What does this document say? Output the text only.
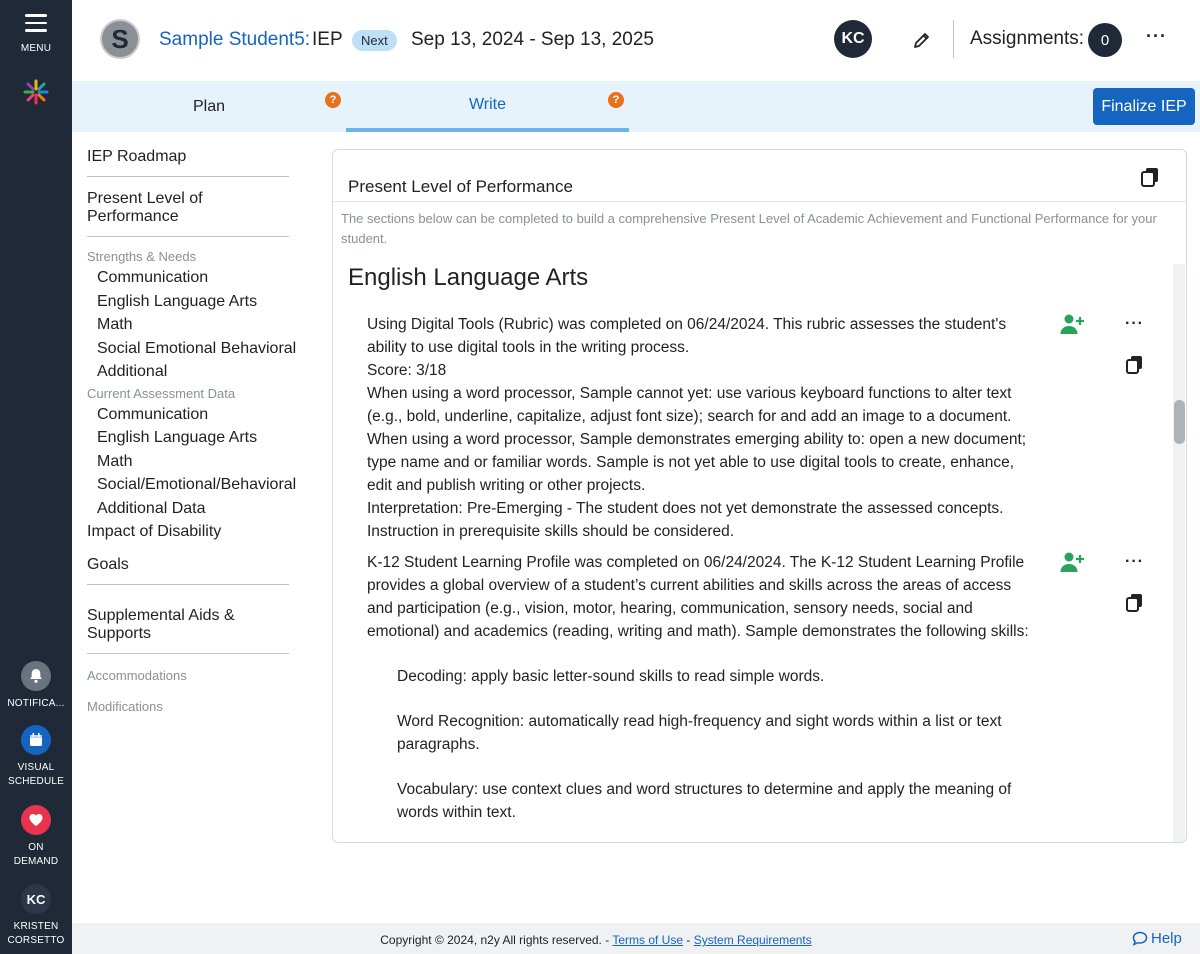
MENU
NOTIFICA...
VISUAL
SCHEDULE
ON
DEMAND
KC
KRISTEN
CORSETTO
S	Sample Student5: IEP	Next	Sep 13, 2024 - Sep 13, 2025	KC	Assignments:	0	···
Plan	?	Write	?	Finalize IEP
IEP Roadmap
Present Level of Performance
Strengths & Needs
Communication
English Language Arts
Math
Social Emotional Behavioral
Additional
Current Assessment Data
Communication
English Language Arts
Math
Social/Emotional/Behavioral
Additional Data
Impact of Disability
Goals
Supplemental Aids & Supports
Accommodations
Modifications
Present Level of Performance
The sections below can be completed to build a comprehensive Present Level of Academic Achievement and Functional Performance for your student.
English Language Arts

Using Digital Tools (Rubric) was completed on 06/24/2024. This rubric assesses the student's ability to use digital tools in the writing process.

Score: 3/18

When using a word processor, Sample cannot yet: use various keyboard functions to alter text (e.g., bold, underline, capitalize, adjust font size); search for and add an image to a document. When using a word processor, Sample demonstrates emerging ability to: open a new document; type name and or familiar words. Sample is not yet able to use digital tools to create, enhance, edit and publish writing or other projects.

Interpretation: Pre-Emerging - The student does not yet demonstrate the assessed concepts. Instruction in prerequisite skills should be considered.

···

K-12 Student Learning Profile was completed on 06/24/2024. The K-12 Student Learning Profile provides a global overview of a student’s current abilities and skills across the areas of access and participation (e.g., vision, motor, hearing, communication, sensory needs, social and emotional) and academics (reading, writing and math). Sample demonstrates the following skills:

Decoding: apply basic letter-sound skills to read simple words.

Word Recognition: automatically read high-frequency and sight words within a list or text paragraphs.

Vocabulary: use context clues and word structures to determine and apply the meaning of words within text.

···
Copyright © 2024, n2y All rights reserved. - Terms of Use - System Requirements	Help
